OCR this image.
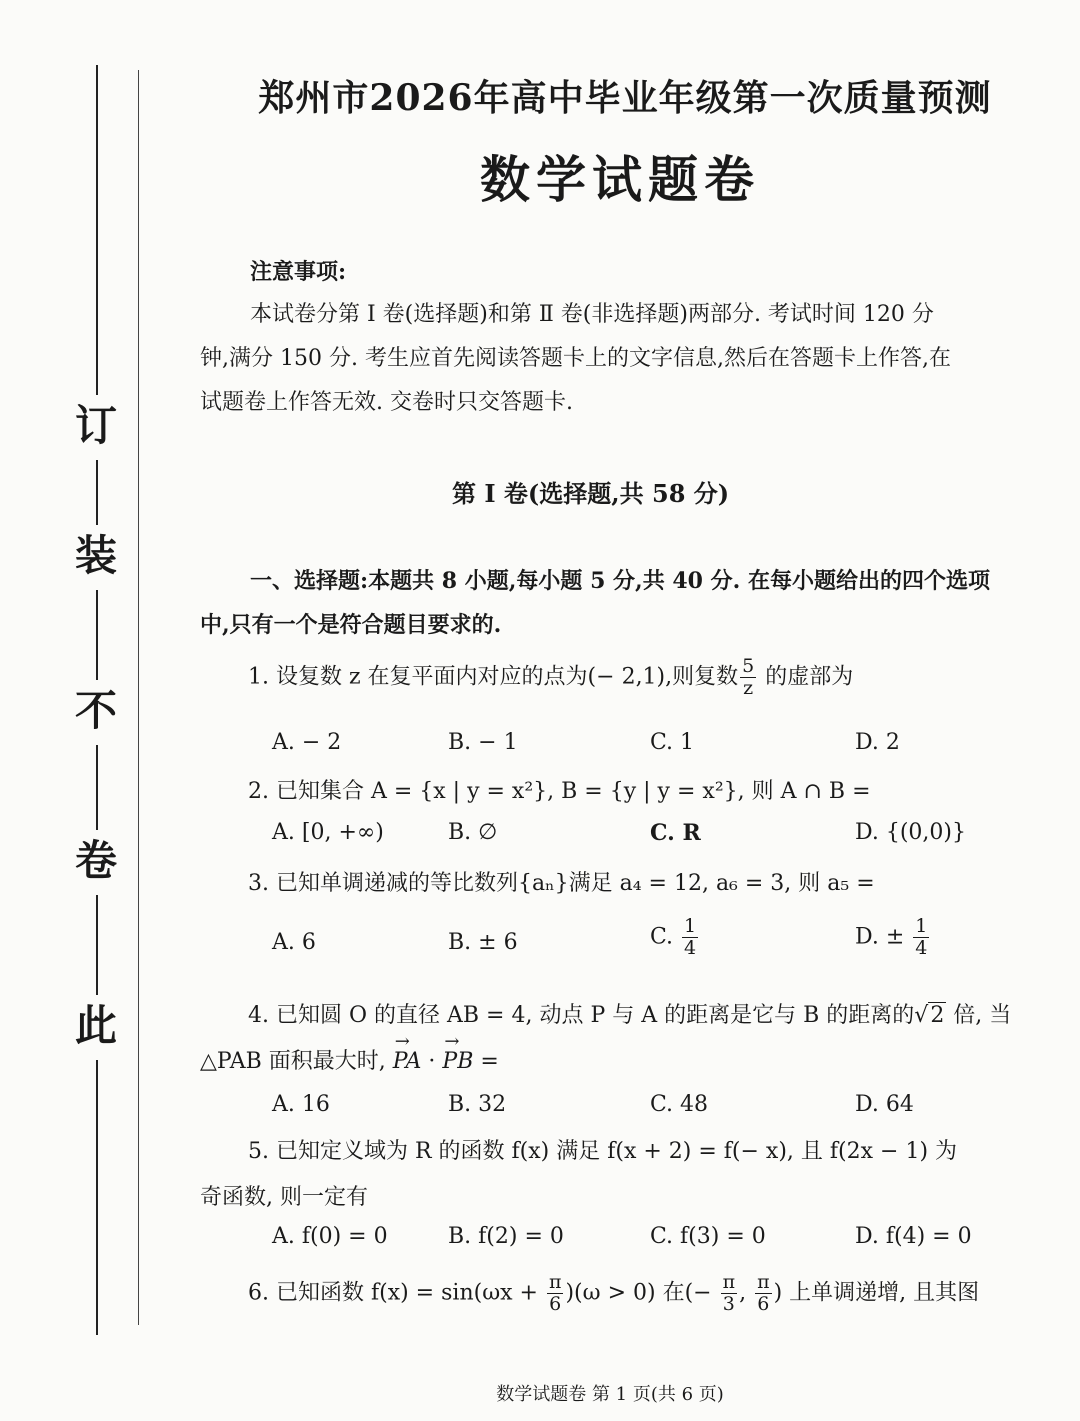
订
装
不
卷
此
郑州市2026年高中毕业年级第一次质量预测
数学试题卷
注意事项:
本试卷分第 Ⅰ 卷(选择题)和第 Ⅱ 卷(非选择题)两部分. 考试时间 120 分
钟,满分 150 分. 考生应首先阅读答题卡上的文字信息,然后在答题卡上作答,在
试题卷上作答无效. 交卷时只交答题卡.
第 Ⅰ 卷(选择题,共 58 分)
一、选择题:本题共 8 小题,每小题 5 分,共 40 分. 在每小题给出的四个选项
中,只有一个是符合题目要求的.
1. 设复数 z 在复平面内对应的点为(− 2,1),则复数 $\frac{5}{z}$ 的虚部为
A. − 2	B. − 1	C. 1	D. 2
2. 已知集合 A = {x | y = x²}, B = {y | y = x²}, 则 A ∩ B =
A. [0, +∞)	B. ∅	C. R	D. {(0,0)}
3. 已知单调递减的等比数列{aₙ}满足 a₄ = 12, a₆ = 3, 则 a₅ =
A. 6	B. ± 6	C. $\frac{1}{4}$	D. ± $\frac{1}{4}$
4. 已知圆 O 的直径 AB = 4, 动点 P 与 A 的距离是它与 B 的距离的√2 倍, 当
△PAB 面积最大时, → PA · → PB =
A. 16	B. 32	C. 48	D. 64
5. 已知定义域为 R 的函数 f(x) 满足 f(x + 2) = f(− x), 且 f(2x − 1) 为
奇函数, 则一定有
A. f(0) = 0	B. f(2) = 0	C. f(3) = 0	D. f(4) = 0
6. 已知函数 $f(x) = \sin(\omega x + \frac{\pi}{6} )(\omega > 0)$ 在(− $\frac{\pi}{3}$ , $\frac{\pi}{6}$ ) 上单调递增, 且其图
数学试题卷 第 1 页(共 6 页)
